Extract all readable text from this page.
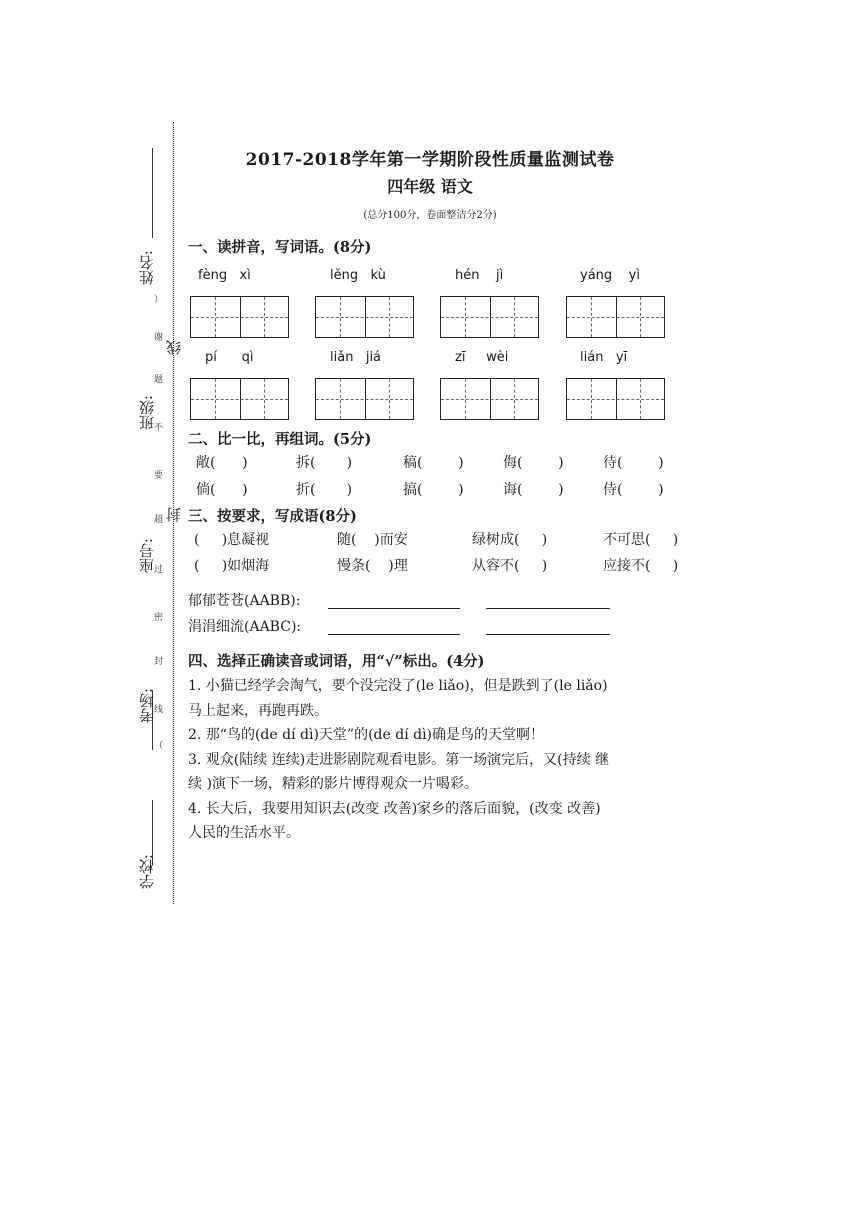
2017-2018学年第一学期阶段性质量监测试卷
四年级 语文
(总分100分，卷面整洁分2分)
姓名:
班级:
座号:
考场:
学校:
线
封
）
谢
题
不
要
超
过
密
封
线
（
一、读拼音，写词语。(8分)
fèng   xì	lěng   kù	hén    jì	yáng    yì
pí      qì	liǎn   jiá	zī     wèi	lián   yī
二、比一比，再组词。(5分)
敞(      )	拆(       )	稿(        )	侮(        )	待(        )
倘(      )	折(       )	搞(        )	诲(        )	侍(        )
三、按要求，写成语(8分)
(     )息凝视	随(    )而安	绿树成(     )	不可思(     )
(     )如烟海	慢条(    )理	从容不(     )	应接不(     )
郁郁苍苍(AABB):
涓涓细流(AABC):
四、选择正确读音或词语，用“√”标出。(4分)
1. 小猫已经学会淘气，要个没完没了(le liǎo)，但是跌到了(le liǎo)
马上起来，再跑再跌。
2. 那“鸟的(de dí dì)天堂”的(de dí dì)确是鸟的天堂啊！
3. 观众(陆续 连续)走进影剧院观看电影。第一场演完后，又(持续 继
续 )演下一场，精彩的影片博得观众一片喝彩。
4. 长大后，我要用知识去(改变 改善)家乡的落后面貌，(改变 改善)
人民的生活水平。
